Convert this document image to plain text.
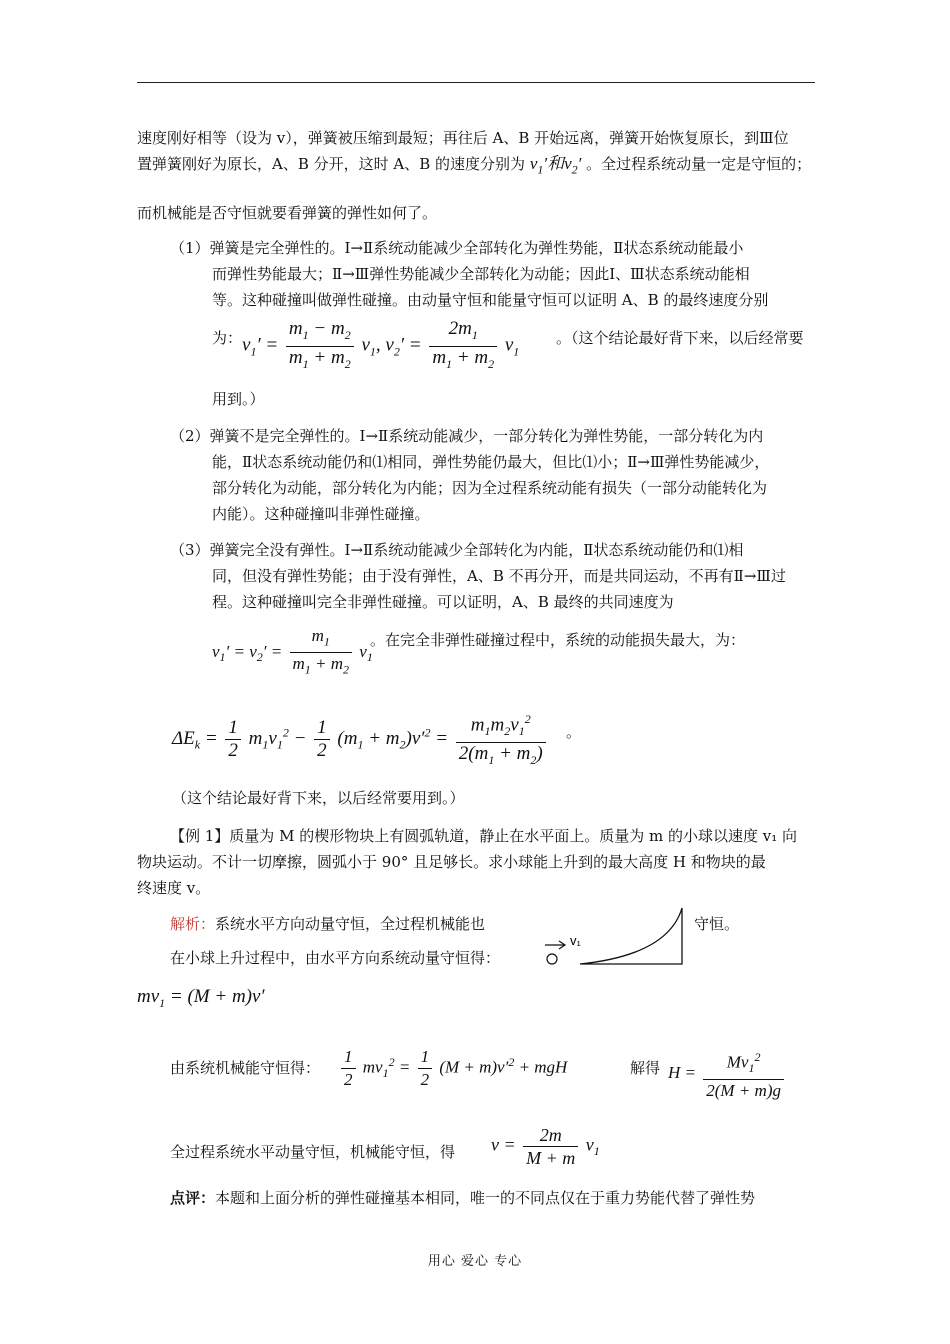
速度刚好相等（设为 v），弹簧被压缩到最短；再往后 A、B 开始远离，弹簧开始恢复原长，到Ⅲ位
置弹簧刚好为原长，A、B 分开，这时 A、B 的速度分别为 $v_1'$和$v_2'$ 。全过程系统动量一定是守恒的；
而机械能是否守恒就要看弹簧的弹性如何了。
（1）弹簧是完全弹性的。Ⅰ→Ⅱ系统动能减少全部转化为弹性势能，Ⅱ状态系统动能最小
而弹性势能最大；Ⅱ→Ⅲ弹性势能减少全部转化为动能；因此Ⅰ、Ⅲ状态系统动能相
等。这种碰撞叫做弹性碰撞。由动量守恒和能量守恒可以证明 A、B 的最终速度分别
为： $v_1' = \frac{m_1 - m_2}{m_1 + m_2} v_1$, $v_2' = \frac{2m_1}{m_1 + m_2} v_1$
。（这个结论最好背下来，以后经常要
用到。）
（2）弹簧不是完全弹性的。Ⅰ→Ⅱ系统动能减少，一部分转化为弹性势能，一部分转化为内
能，Ⅱ状态系统动能仍和⑴相同，弹性势能仍最大，但比⑴小；Ⅱ→Ⅲ弹性势能减少，
部分转化为动能，部分转化为内能；因为全过程系统动能有损失（一部分动能转化为
内能）。这种碰撞叫非弹性碰撞。
（3）弹簧完全没有弹性。Ⅰ→Ⅱ系统动能减少全部转化为内能，Ⅱ状态系统动能仍和⑴相
同，但没有弹性势能；由于没有弹性，A、B 不再分开，而是共同运动，不再有Ⅱ→Ⅲ过
程。这种碰撞叫完全非弹性碰撞。可以证明，A、B 最终的共同速度为
$v_1' = v_2' = \frac{m_1}{m_1 + m_2} v_1$
。在完全非弹性碰撞过程中，系统的动能损失最大，为：
$\Delta E_k = \frac{1}{2} m_1v_1^2 - \frac{1}{2} (m_1 + m_2)v'^2 = \frac{m_1m_2v_1^2}{2(m_1 + m_2)}$ 。
（这个结论最好背下来，以后经常要用到。）
【例 1】质量为 M 的楔形物块上有圆弧轨道，静止在水平面上。质量为 m 的小球以速度 v₁ 向
物块运动。不计一切摩擦，圆弧小于 90° 且足够长。求小球能上升到的最大高度 H 和物块的最
终速度 v。
解析：系统水平方向动量守恒，全过程机械能也	守恒。
v₁
在小球上升过程中，由水平方向系统动量守恒得：
$mv_1 = (M + m)v'$
由系统机械能守恒得： $\frac{1}{2} mv_1^2 = \frac{1}{2} (M + m)v'^2$ + mgH	解得 $H = \frac{Mv_1^2}{2(M + m)g}$
全过程系统水平动量守恒，机械能守恒，得 $v = \frac{2m}{M + m} v_1$
点评：本题和上面分析的弹性碰撞基本相同，唯一的不同点仅在于重力势能代替了弹性势
用心 爱心 专心
